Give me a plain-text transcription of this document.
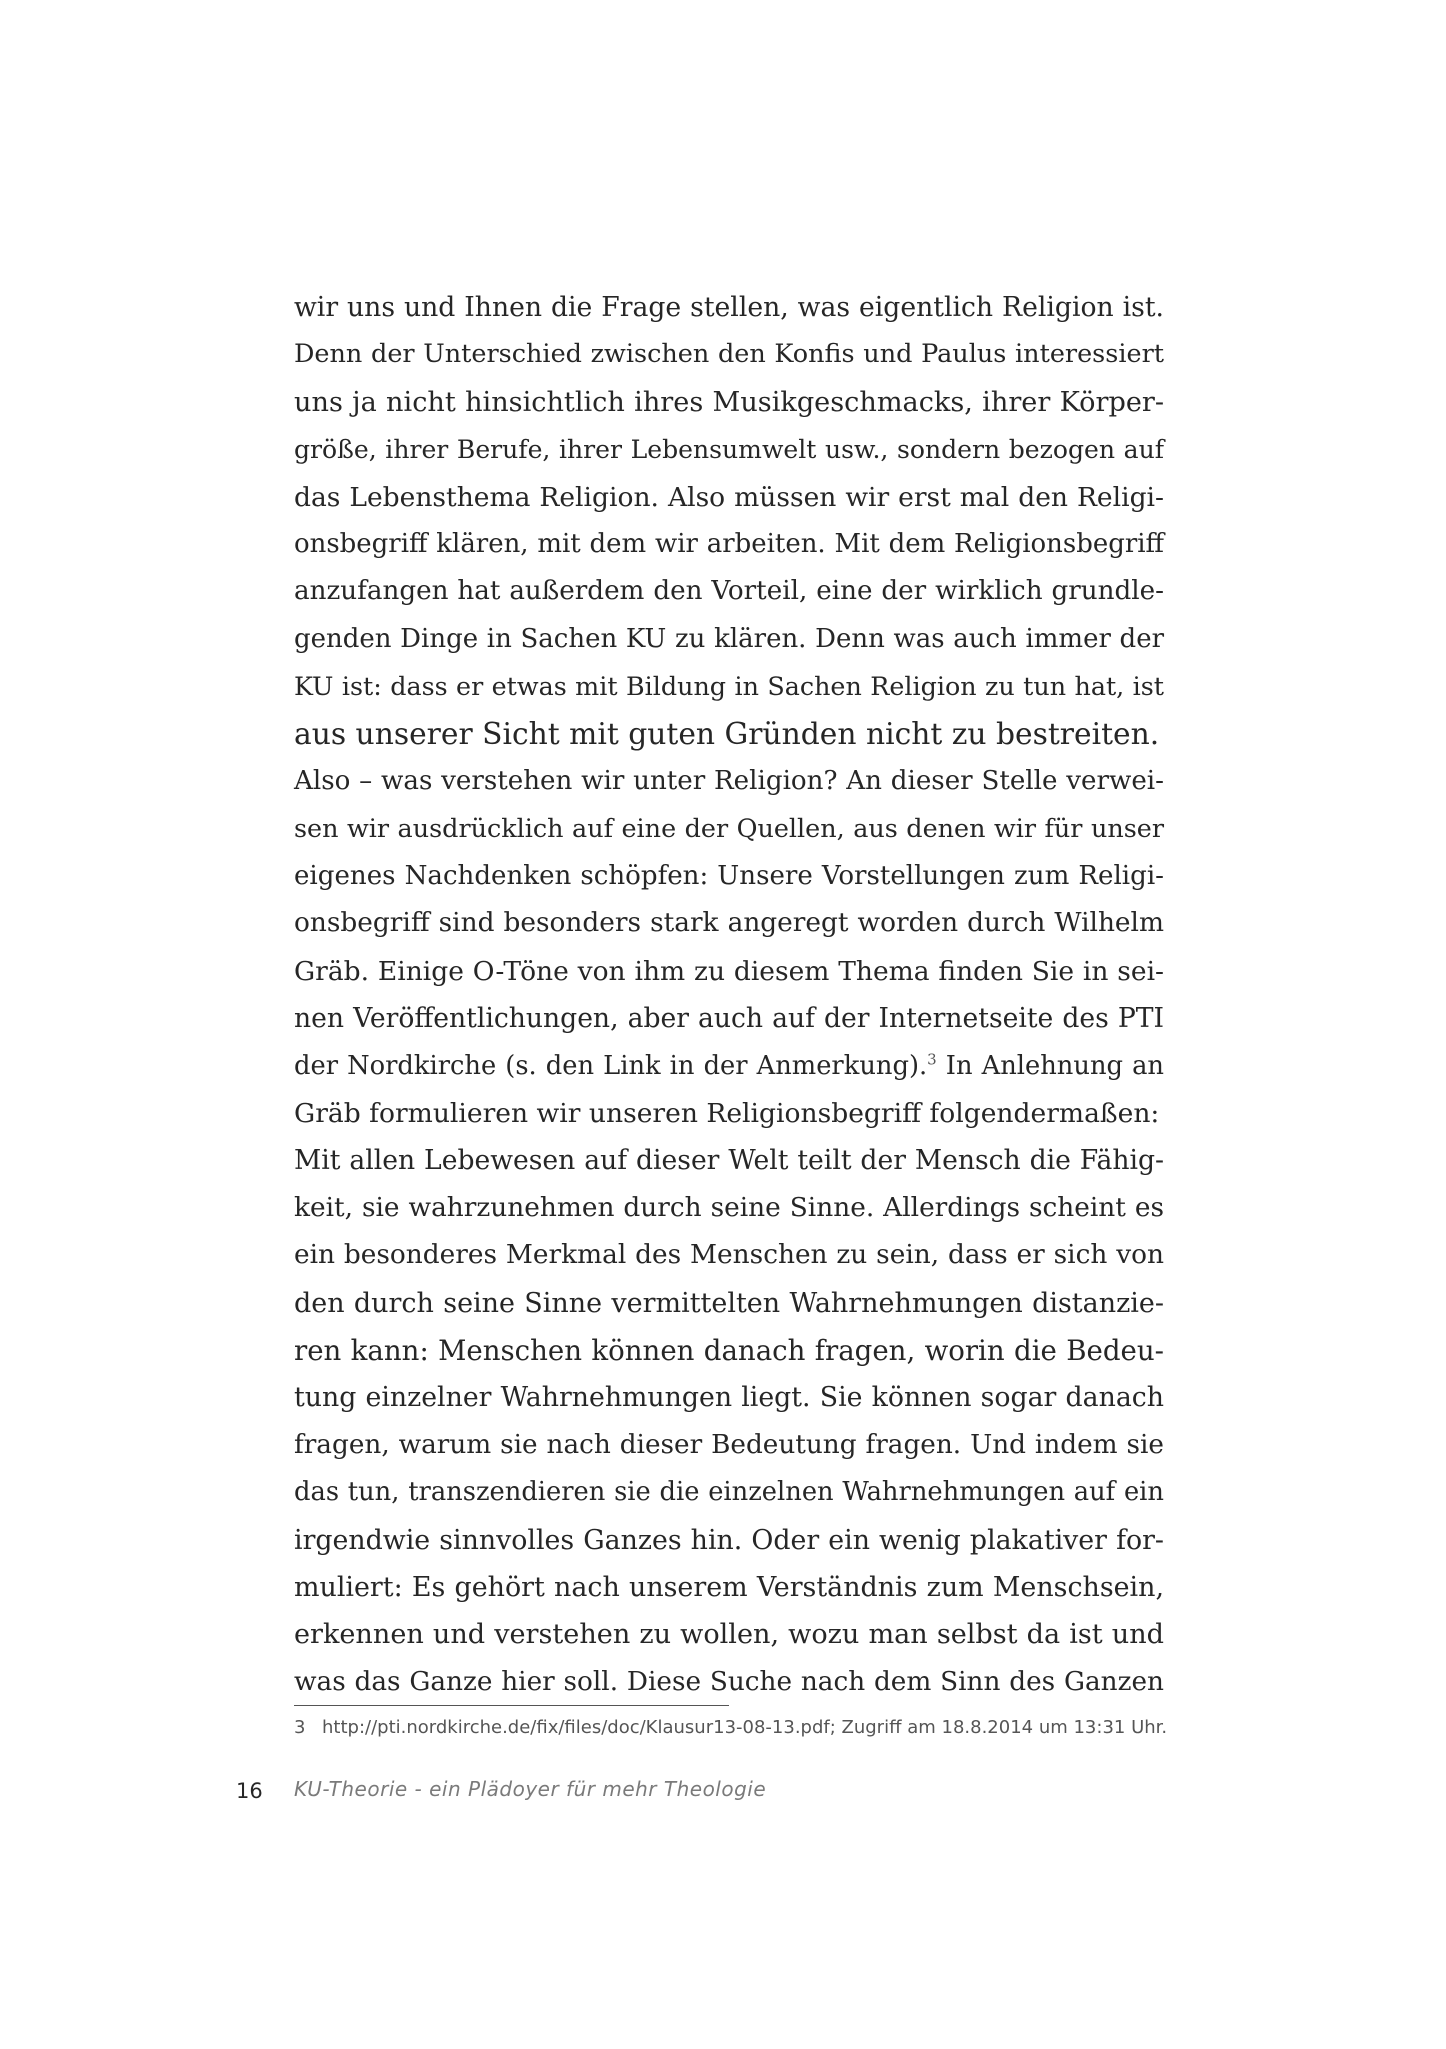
wir uns und Ihnen die Frage stellen, was eigentlich Religion ist.
Denn der Unterschied zwischen den Konfis und Paulus interessiert
uns ja nicht hinsichtlich ihres Musikgeschmacks, ihrer Körper-
größe, ihrer Berufe, ihrer Lebensumwelt usw., sondern bezogen auf
das Lebensthema Religion. Also müssen wir erst mal den Religi-
onsbegriff klären, mit dem wir arbeiten. Mit dem Religionsbegriff
anzufangen hat außerdem den Vorteil, eine der wirklich grundle-
genden Dinge in Sachen KU zu klären. Denn was auch immer der
KU ist: dass er etwas mit Bildung in Sachen Religion zu tun hat, ist
aus unserer Sicht mit guten Gründen nicht zu bestreiten.
Also – was verstehen wir unter Religion? An dieser Stelle verwei-
sen wir ausdrücklich auf eine der Quellen, aus denen wir für unser
eigenes Nachdenken schöpfen: Unsere Vorstellungen zum Religi-
onsbegriff sind besonders stark angeregt worden durch Wilhelm
Gräb. Einige O-Töne von ihm zu diesem Thema finden Sie in sei-
nen Veröffentlichungen, aber auch auf der Internetseite des PTI
der Nordkirche (s. den Link in der Anmerkung).$^3$ In Anlehnung an
Gräb formulieren wir unseren Religionsbegriff folgendermaßen:
Mit allen Lebewesen auf dieser Welt teilt der Mensch die Fähig-
keit, sie wahrzunehmen durch seine Sinne. Allerdings scheint es
ein besonderes Merkmal des Menschen zu sein, dass er sich von
den durch seine Sinne vermittelten Wahrnehmungen distanzie-
ren kann: Menschen können danach fragen, worin die Bedeu-
tung einzelner Wahrnehmungen liegt. Sie können sogar danach
fragen, warum sie nach dieser Bedeutung fragen. Und indem sie
das tun, transzendieren sie die einzelnen Wahrnehmungen auf ein
irgendwie sinnvolles Ganzes hin. Oder ein wenig plakativer for-
muliert: Es gehört nach unserem Verständnis zum Menschsein,
erkennen und verstehen zu wollen, wozu man selbst da ist und
was das Ganze hier soll. Diese Suche nach dem Sinn des Ganzen
3 http://pti.nordkirche.de/fix/files/doc/Klausur13-08-13.pdf; Zugriff am 18.8.2014 um 13:31 Uhr.
16 KU-Theorie - ein Plädoyer für mehr Theologie
